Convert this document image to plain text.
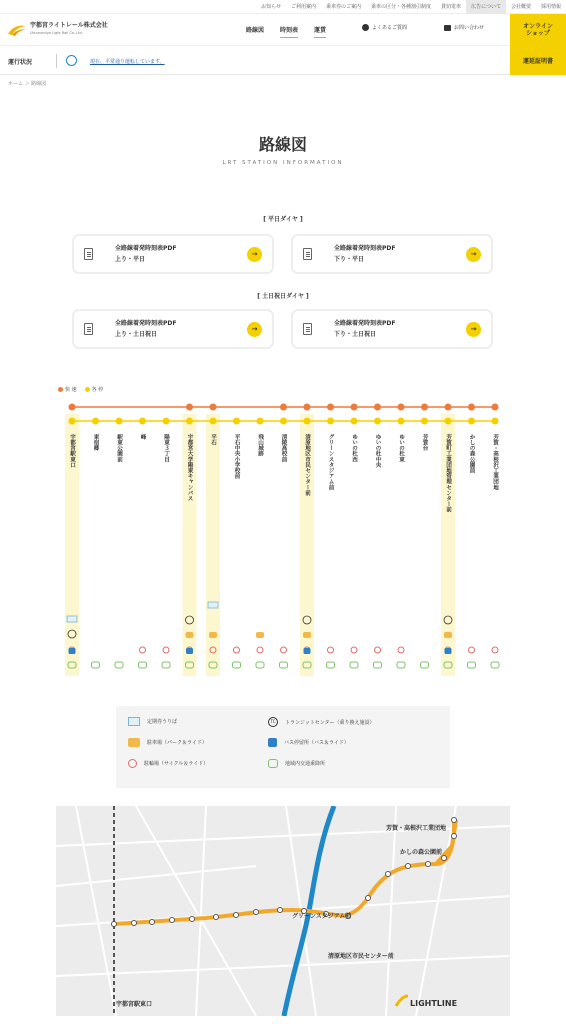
お知らせ	ご利用案内	乗車券のご案内	乗車の区分・各種割引制度	貸切電車	広告について	会社概要	採用情報
宇都宮ライトレール株式会社
Utsunomiya Light Rail Co.,Ltd.	路線図	時刻表	運賃	よくあるご質問	お問い合わせ	オンライン
ショップ
運行状況	現在、平常通り運転しています。	運延証明書
ホーム ＞ 路線図
路線図
LRT STATION INFORMATION
[ 平日ダイヤ ]
全路線着発時刻表PDF
上り・平日
→
全路線着発時刻表PDF
下り・平日
→
[ 土日祝日ダイヤ ]
全路線着発時刻表PDF
上り・土日祝日
→
全路線着発時刻表PDF
下り・土日祝日
→
快 速	各 停
宇都宮駅東口	東宿郷	駅東公園前	峰	陽東３丁目	宇都宮大学陽東キャンパス	平石	平石中央小学校前	飛山城跡	清陵高校前	清原地区市民センター前	グリーンスタジアム前	ゆいの杜西	ゆいの杜中央	ゆいの杜東	芳賀台	芳賀町工業団地管理センター前	かしの森公園前	芳賀・高根沢工業団地
定期券うりば	TC	トランジットセンター（乗り換え施設）
駐車場（パーク＆ライド）	バス停留所（バス＆ライド）
駐輪場（サイクル＆ライド）	地域内交通乗降所
芳賀・高根沢工業団地
かしの森公園前
宇都宮駅東口
グリーンスタジアム前
清原地区市民センター前
LIGHTLINE
